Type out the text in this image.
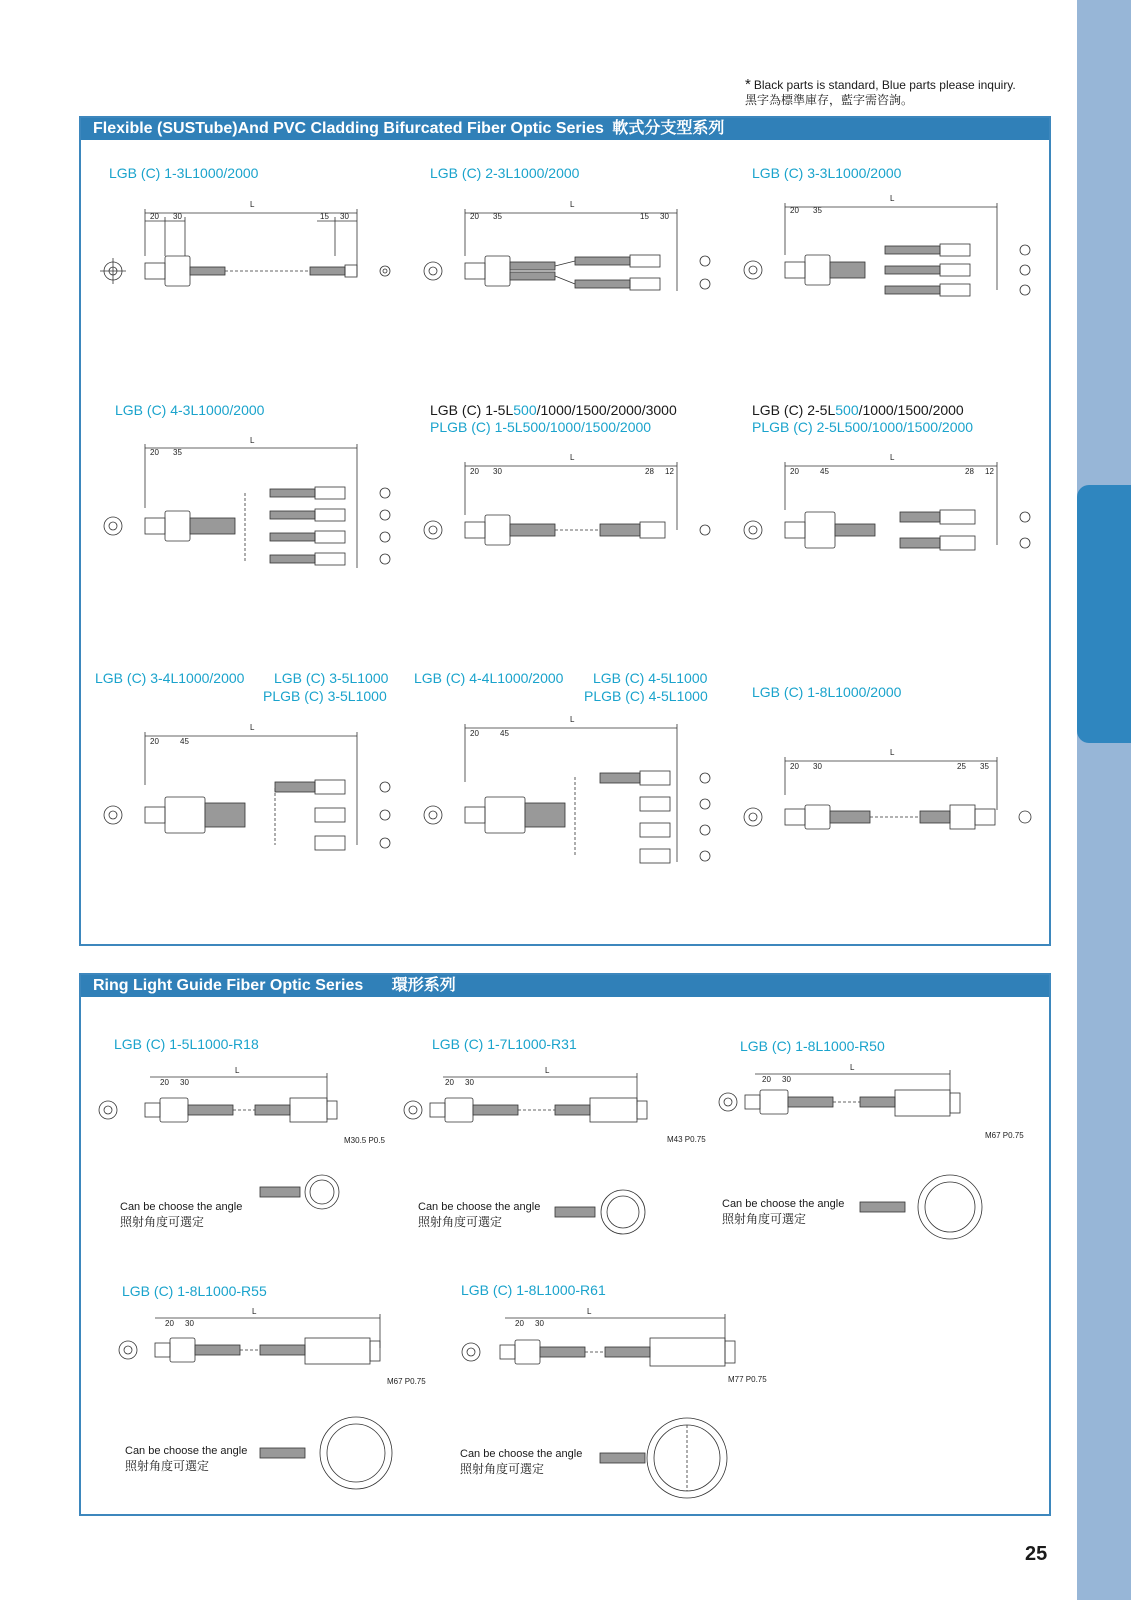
* Black parts is standard, Blue parts please inquiry.
黑字為標準庫存，藍字需咨詢。
Flexible (SUSTube)And PVC Cladding Bifurcated Fiber Optic Series 軟式分支型系列
LGB (C) 1-3L1000/2000
L
20 30	15 30
LGB (C) 2-3L1000/2000
L
20 35	15 30
LGB (C) 3-3L1000/2000
L
20 35
LGB (C) 4-3L1000/2000
L
20 35
LGB (C) 1-5L500/1000/1500/2000/3000
PLGB (C) 1-5L500/1000/1500/2000
L
20 30	28 12
LGB (C) 2-5L500/1000/1500/2000
PLGB (C) 2-5L500/1000/1500/2000
L
20	45	28 12
LGB (C) 3-4L1000/2000 LGB (C) 3-5L1000
PLGB (C) 3-5L1000
L
20	45
LGB (C) 4-4L1000/2000 LGB (C) 4-5L1000
PLGB (C) 4-5L1000
L
20	45
LGB (C) 1-8L1000/2000
L
20 30	25 35
Ring Light Guide Fiber Optic Series 環形系列
LGB (C) 1-5L1000-R18
L
20 30
M30.5 P0.5
Can be choose the angle
照射角度可選定
LGB (C) 1-7L1000-R31
L
20 30
M43 P0.75
Can be choose the angle
照射角度可選定
LGB (C) 1-8L1000-R50
L
20 30
M67 P0.75
Can be choose the angle
照射角度可選定
LGB (C) 1-8L1000-R55
L
20 30
M67 P0.75
Can be choose the angle
照射角度可選定
LGB (C) 1-8L1000-R61
L
20 30
M77 P0.75
Can be choose the angle
照射角度可選定
25
